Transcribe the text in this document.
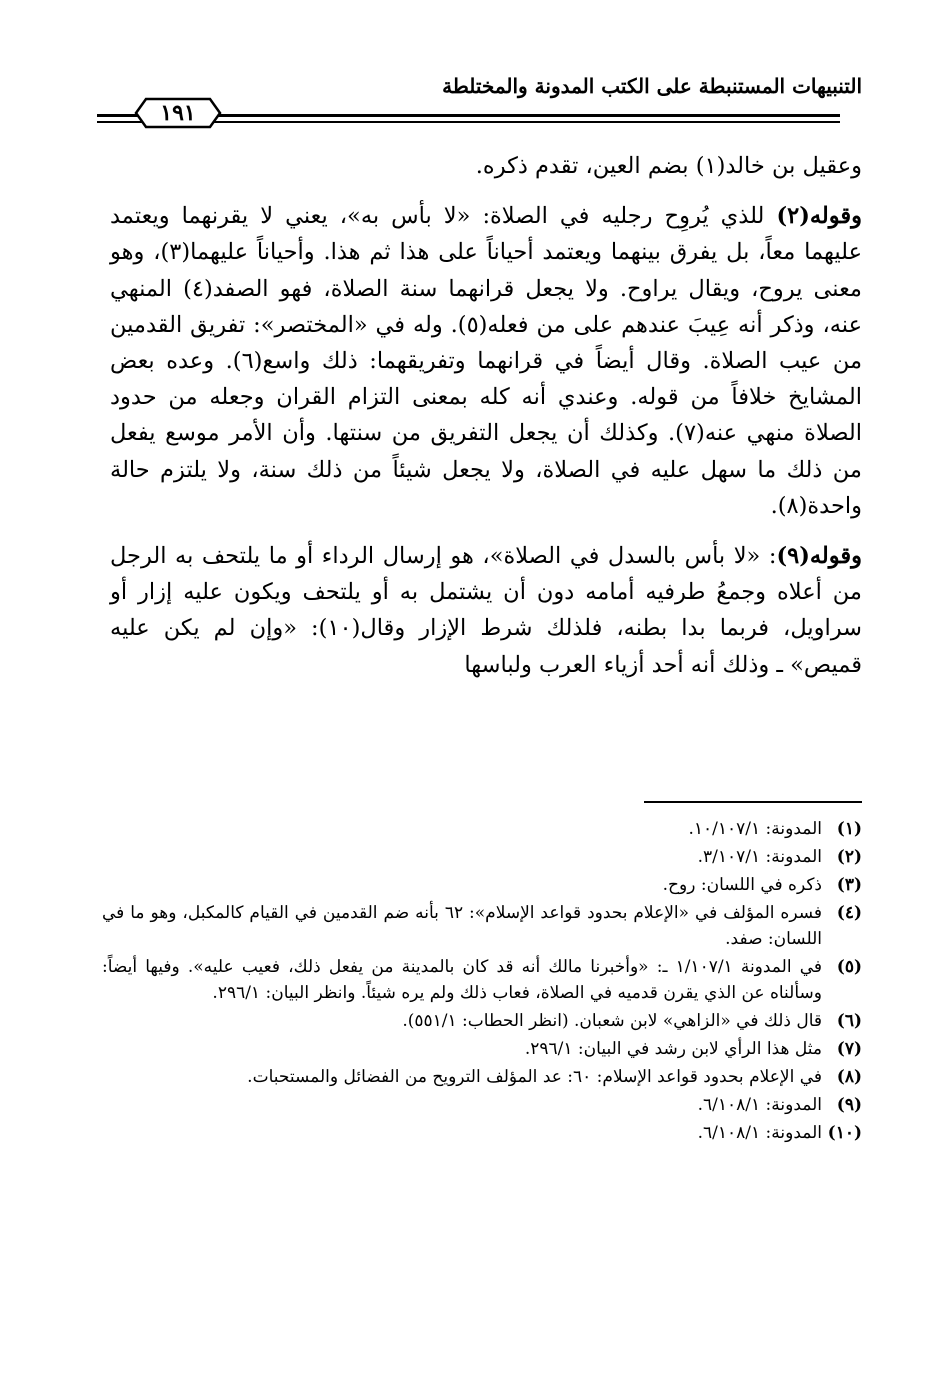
التنبيهات المستنبطة على الكتب المدونة والمختلطة
١٩١

وعقيل بن خالد(١) بضم العين، تقدم ذكره.

وقوله(٢) للذي يُروِح رجليه في الصلاة: «لا بأس به»، يعني لا يقرنهما ويعتمد عليهما معاً، بل يفرق بينهما ويعتمد أحياناً على هذا ثم هذا. وأحياناً عليهما(٣)، وهو معنى يروح، ويقال يراوح. ولا يجعل قرانهما سنة الصلاة، فهو الصفد(٤) المنهي عنه، وذكر أنه عِيبَ عندهم على من فعله(٥). وله في «المختصر»: تفريق القدمين من عيب الصلاة. وقال أيضاً في قرانهما وتفريقهما: ذلك واسع(٦). وعده بعض المشايخ خلافاً من قوله. وعندي أنه كله بمعنى التزام القران وجعله من حدود الصلاة منهي عنه(٧). وكذلك أن يجعل التفريق من سنتها. وأن الأمر موسع يفعل من ذلك ما سهل عليه في الصلاة، ولا يجعل شيئاً من ذلك سنة، ولا يلتزم حالة واحدة(٨).

وقوله(٩): «لا بأس بالسدل في الصلاة»، هو إرسال الرداء أو ما يلتحف به الرجل من أعلاه وجمعُ طرفيه أمامه دون أن يشتمل به أو يلتحف ويكون عليه إزار أو سراويل، فربما بدا بطنه، فلذلك شرط الإزار وقال(١٠): «وإن لم يكن عليه قميص» ـ وذلك أنه أحد أزياء العرب ولباسها

(١)
المدونة: ١٠/١٠٧/١.
(٢)
المدونة: ٣/١٠٧/١.
(٣)
ذكره في اللسان: روح.
(٤)
فسره المؤلف في «الإعلام بحدود قواعد الإسلام»: ٦٢ بأنه ضم القدمين في القيام كالمكبل، وهو ما في اللسان: صفد.
(٥)
في المدونة ١/١٠٧/١ ـ: «وأخبرنا مالك أنه قد كان بالمدينة من يفعل ذلك، فعيب عليه». وفيها أيضاً: وسألناه عن الذي يقرن قدميه في الصلاة، فعاب ذلك ولم يره شيئاً. وانظر البيان: ٢٩٦/١.
(٦)
قال ذلك في «الزاهي» لابن شعبان. (انظر الحطاب: ٥٥١/١).
(٧)
مثل هذا الرأي لابن رشد في البيان: ٢٩٦/١.
(٨)
في الإعلام بحدود قواعد الإسلام: ٦٠: عد المؤلف الترويح من الفضائل والمستحبات.
(٩)
المدونة: ٦/١٠٨/١.
(١٠)
المدونة: ٦/١٠٨/١.
